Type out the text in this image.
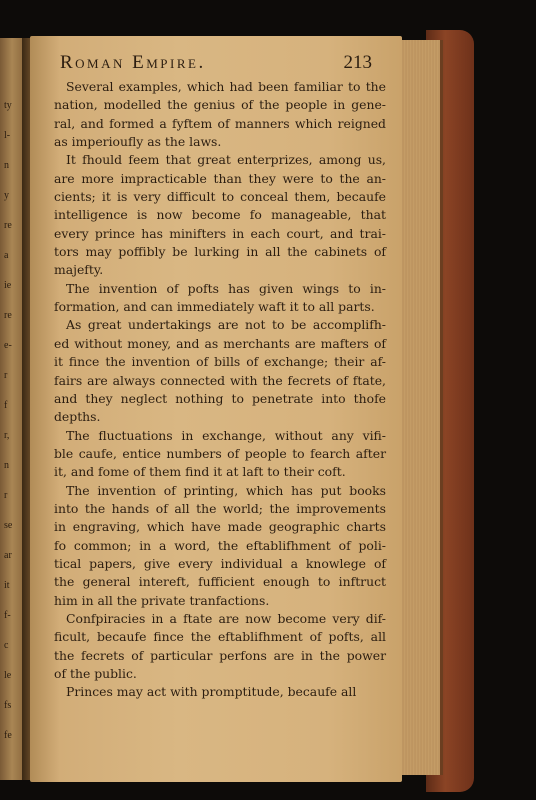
ty
l-
n
y
re
a
ie
re
e-
r
f
r,
n
r
se
ar
it
f-
c
le
fs
fe
Roman Empire.	213
Several examples, which had been familiar to the
nation, modelled the genius of the people in gene-
ral, and formed a fyftem of manners which reigned
as imperioufly as the laws.
It fhould feem that great enterprizes, among us,
are more impracticable than they were to the an-
cients; it is very difficult to conceal them, becaufe
intelligence is now become fo manageable, that
every prince has minifters in each court, and trai-
tors may poffibly be lurking in all the cabinets of
majefty.
The invention of pofts has given wings to in-
formation, and can immediately waft it to all parts.
As great undertakings are not to be accomplifh-
ed without money, and as merchants are mafters of
it fince the invention of bills of exchange; their af-
fairs are always connected with the fecrets of ftate,
and they neglect nothing to penetrate into thofe
depths.
The fluctuations in exchange, without any vifi-
ble caufe, entice numbers of people to fearch after
it, and fome of them find it at laft to their coft.
The invention of printing, which has put books
into the hands of all the world; the improvements
in engraving, which have made geographic charts
fo common; in a word, the eftablifhment of poli-
tical papers, give every individual a knowlege of
the general intereft, fufficient enough to inftruct
him in all the private tranfactions.
Confpiracies in a ftate are now become very dif-
ficult, becaufe fince the eftablifhment of pofts, all
the fecrets of particular perfons are in the power
of the public.
Princes may act with promptitude, becaufe all
